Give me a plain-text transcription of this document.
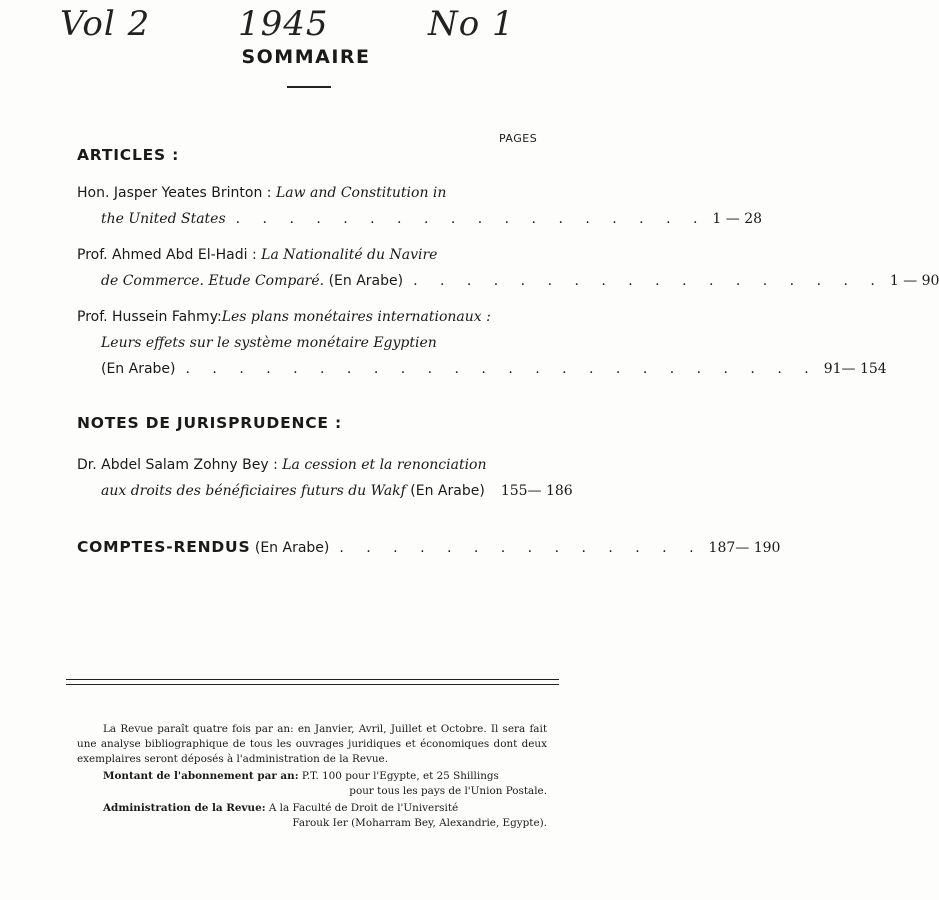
Vol 2	1945	No 1
SOMMAIRE
PAGES
ARTICLES :
Hon. Jasper Yeates Brinton :
Law and Constitution in
the United States . . . . . . . . . . . . . . . . . . 1 — 28
Prof. Ahmed Abd El-Hadi :
La Nationalité du Navire
de Commerce. Etude Comparé.
(En Arabe) . . . . . . . . . . . . . . . . . . 1 — 90
Prof. Hussein Fahmy: Les plans monétaires internationaux :
Leurs effets sur le système monétaire Egyptien
(En Arabe) . . . . . . . . . . . . . . . . . . . . . . . . 91— 154
NOTES DE JURISPRUDENCE :
Dr. Abdel Salam Zohny Bey :
La cession et la renonciation
aux droits des bénéficiaires futurs du Wakf
(En Arabe) 155— 186
COMPTES-RENDUS
(En Arabe) . . . . . . . . . . . . . . 187— 190

La Revue paraît quatre fois par an: en Janvier, Avril, Juillet et Octobre. Il sera fait une analyse bibliographique de tous les ouvrages juridiques et économiques dont deux exemplaires seront déposés à l'administration de la Revue.

Montant de l'abonnement par an: P.T. 100 pour l'Egypte, et 25 Shillings

pour tous les pays de l'Union Postale.

Administration de la Revue: A la Faculté de Droit de l'Université

Farouk Ier (Moharram Bey, Alexandrie, Egypte).
